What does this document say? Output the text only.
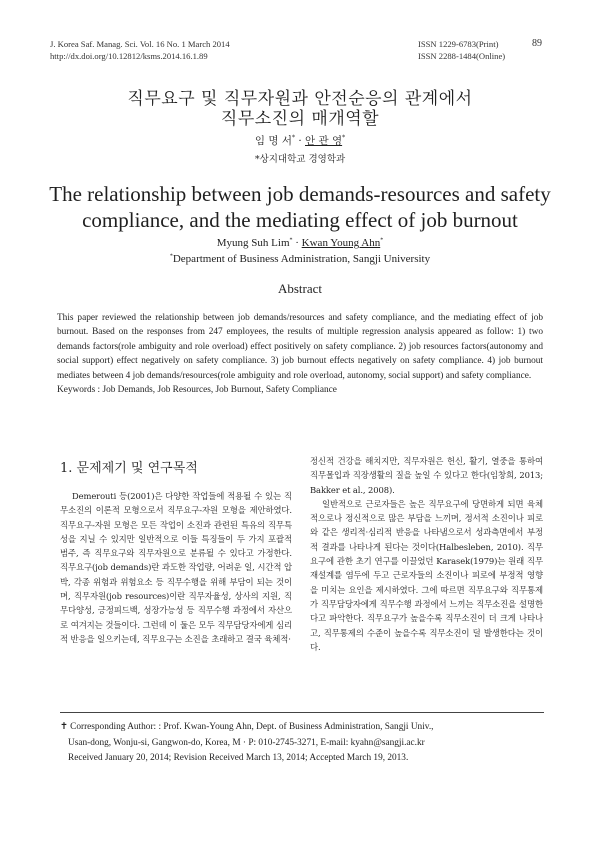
J. Korea Saf. Manag. Sci. Vol. 16 No. 1 March 2014
http://dx.doi.org/10.12812/ksms.2014.16.1.89
ISSN 1229-6783(Print)
ISSN 2288-1484(Online)
89
직무요구 및 직무자원과 안전순응의 관계에서
직무소진의 매개역할
임 명 서* · 안 관 영*
*상지대학교 경영학과
The relationship between job demands-resources and safety
compliance, and the mediating effect of job burnout
Myung Suh Lim* · Kwan Young Ahn*
*Department of Business Administration, Sangji University
Abstract

This paper reviewed the relationship between job demands/resources and safety compliance, and the mediating effect of job burnout. Based on the responses from 247 employees, the results of multiple regression analysis appeared as follow: 1) two demands factors(role ambiguity and role overload) effect positively on safety compliance. 2) job resources factors(autonomy and social support) effect negatively on safety compliance. 3) job burnout effects negatively on safety compliance. 4) job burnout mediates between 4 job demands/resources(role ambiguity and role overload, autonomy, social support) and safety compliance.

Keywords : Job Demands, Job Resources, Job Burnout, Safety Compliance

1. 문제제기 및 연구목적

Demerouti 등(2001)은 다양한 작업들에 적용될 수 있는 직무소진의 이론적 모형으로서 직무요구-자원 모형을 제안하였다. 직무요구-자원 모형은 모든 작업이 소진과 관련된 특유의 직무특성을 지닐 수 있지만 일반적으로 이들 특징들이 두 가지 포괄적 범주, 즉 직무요구와 직무자원으로 분류될 수 있다고 가정한다. 직무요구(job demands)란 과도한 작업량, 어려운 일, 시간적 압박, 각종 위험과 위험요소 등 직무수행을 위해 부담이 되는 것이며, 직무자원(job resources)이란 직무자율성, 상사의 지원, 직무다양성, 긍정피드백, 성장가능성 등 직무수행 과정에서 자산으로 여겨지는 것들이다. 그런데 이 둘은 모두 직무담당자에게 심리적 반응을 일으키는데, 직무요구는 소진을 초래하고 결국 육체적·

정신적 건강을 해치지만, 직무자원은 헌신, 활기, 열중을 통하여 직무몰입과 직장생활의 질을 높일 수 있다고 한다(임창희, 2013; Bakker et al., 2008).

일반적으로 근로자들은 높은 직무요구에 당면하게 되면 육체적으로나 정신적으로 많은 부담을 느끼며, 정서적 소진이나 피로와 같은 생리적·심리적 반응을 나타냄으로서 성과측면에서 부정적 결과를 나타나게 된다는 것이다(Halbesleben, 2010). 직무요구에 관한 초기 연구를 이끌었던 Karasek(1979)는 원래 직무재설계를 염두에 두고 근로자들의 소진이나 피로에 부정적 영향을 미치는 요인을 제시하였다. 그에 따르면 직무요구와 직무통제가 직무담당자에게 직무수행 과정에서 느끼는 직무소진을 설명한다고 파악한다. 직무요구가 높을수록 직무소진이 더 크게 나타나고, 직무통제의 수준이 높을수록 직무소진이 덜 발생한다는 것이다.

✝ Corresponding Author: : Prof. Kwan-Young Ahn, Dept. of Business Administration, Sangji Univ.,
Usan-dong, Wonju-si, Gangwon-do, Korea, M · P: 010-2745-3271, E-mail: kyahn@sangji.ac.kr
Received January 20, 2014; Revision Received March 13, 2014; Accepted March 19, 2013.
